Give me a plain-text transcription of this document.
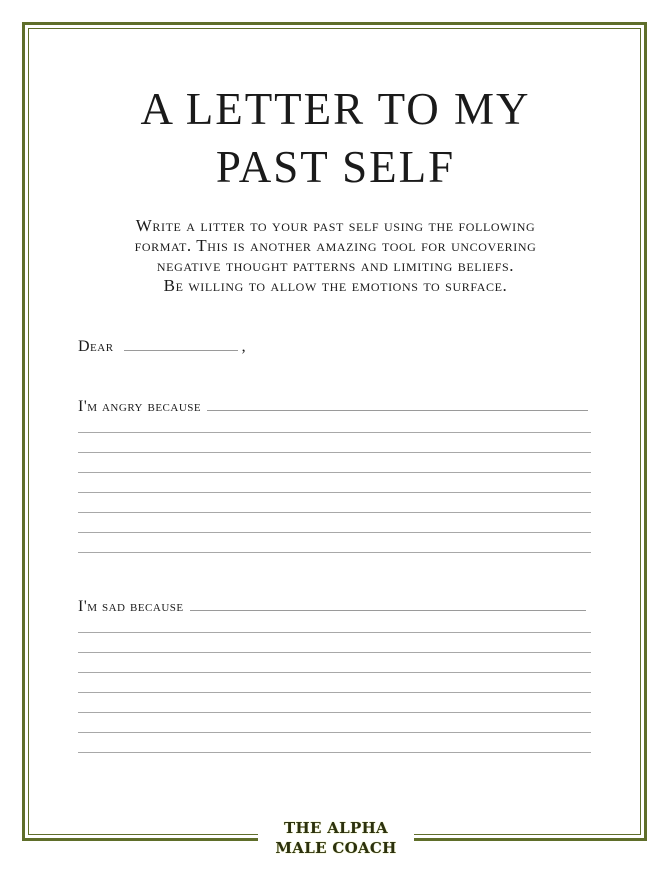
A LETTER TO MY
PAST SELF

Write a litter to your past self using the following
format. This is another amazing tool for uncovering
negative thought patterns and limiting beliefs.
Be willing to allow the emotions to surface.

Dear	,
I'm angry because
I'm sad because
THE ALPHA
MALE COACH
